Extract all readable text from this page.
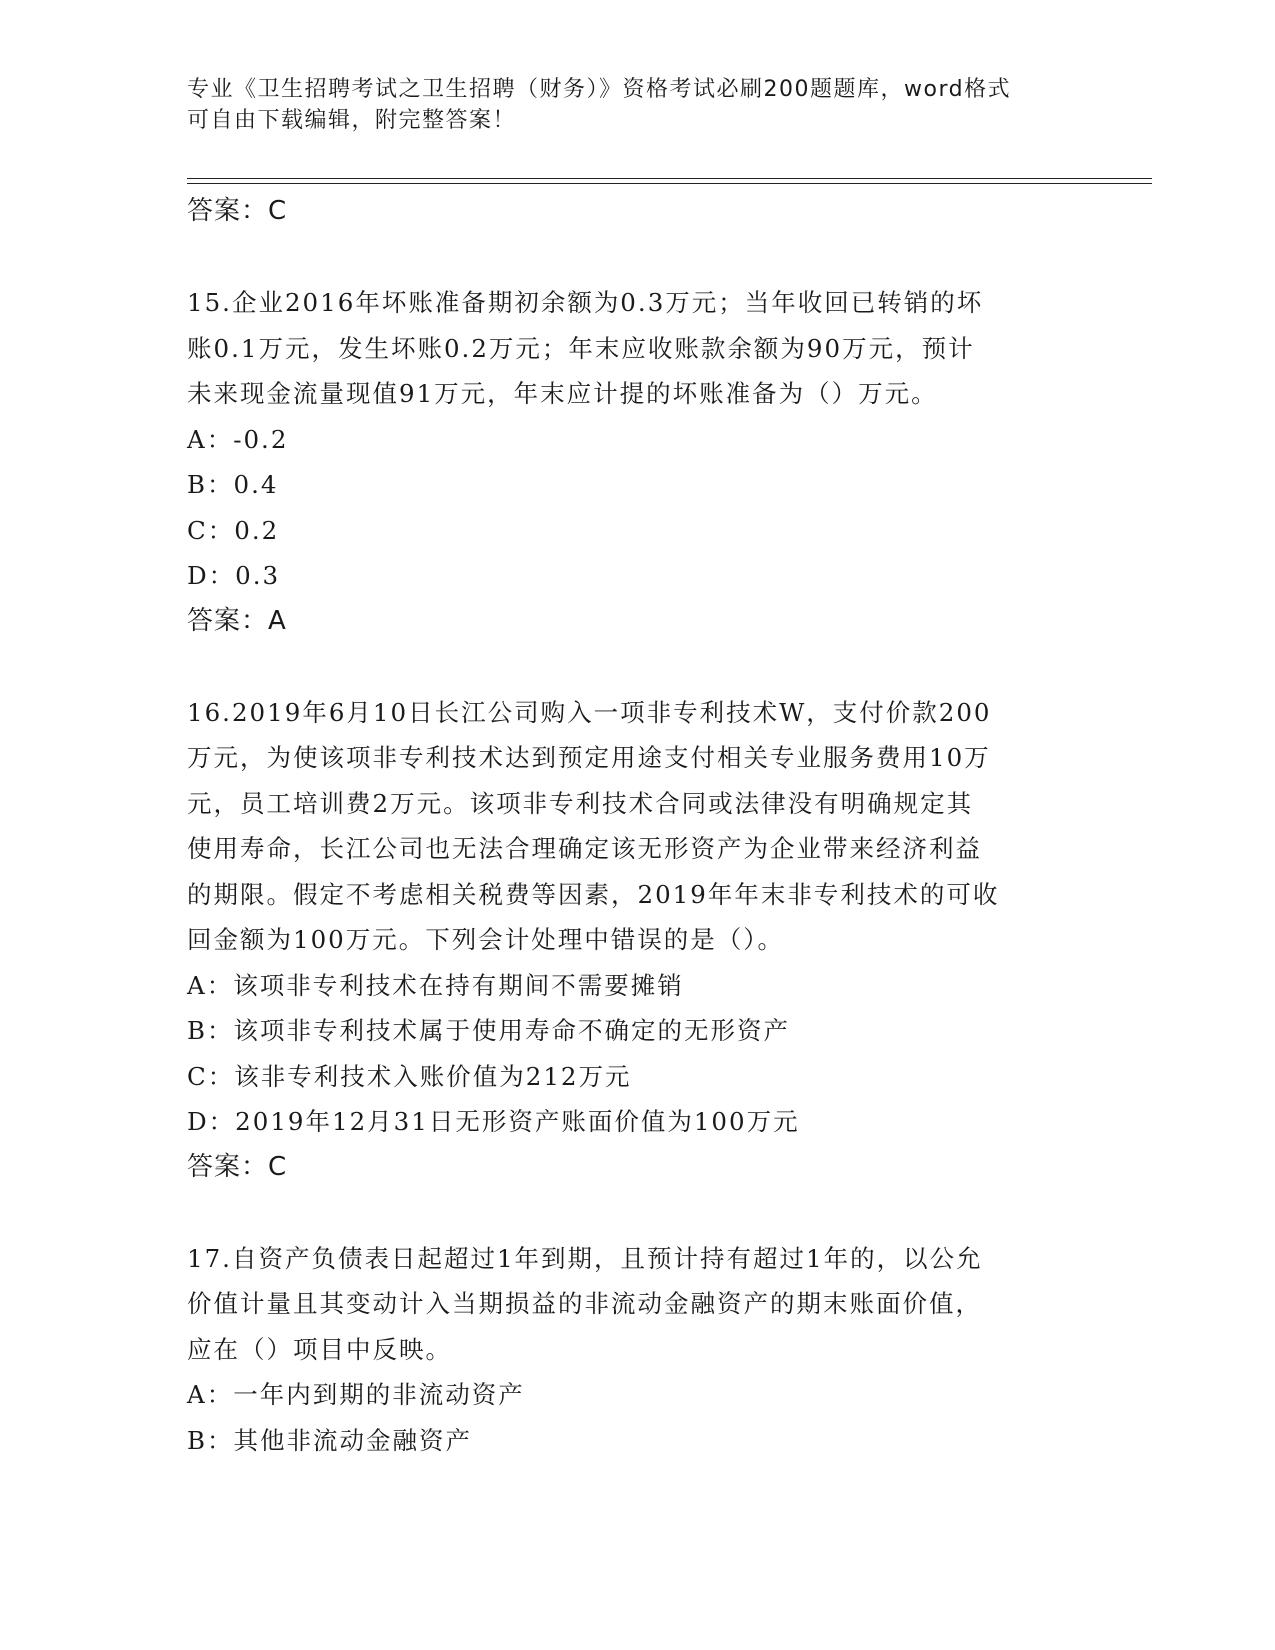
专业《卫生招聘考试之卫生招聘（财务）》资格考试必刷200题题库，word格式
可自由下载编辑，附完整答案！
答案：C
15.企业2016年坏账准备期初余额为0.3万元；当年收回已转销的坏
账0.1万元，发生坏账0.2万元；年末应收账款余额为90万元，预计
未来现金流量现值91万元，年末应计提的坏账准备为（）万元。
A：-0.2
B：0.4
C：0.2
D：0.3
答案：A
16.2019年6月10日长江公司购入一项非专利技术W，支付价款200
万元，为使该项非专利技术达到预定用途支付相关专业服务费用10万
元，员工培训费2万元。该项非专利技术合同或法律没有明确规定其
使用寿命，长江公司也无法合理确定该无形资产为企业带来经济利益
的期限。假定不考虑相关税费等因素，2019年年末非专利技术的可收
回金额为100万元。下列会计处理中错误的是（）。
A：该项非专利技术在持有期间不需要摊销
B：该项非专利技术属于使用寿命不确定的无形资产
C：该非专利技术入账价值为212万元
D：2019年12月31日无形资产账面价值为100万元
答案：C
17.自资产负债表日起超过1年到期，且预计持有超过1年的，以公允
价值计量且其变动计入当期损益的非流动金融资产的期末账面价值，
应在（）项目中反映。
A：一年内到期的非流动资产
B：其他非流动金融资产
